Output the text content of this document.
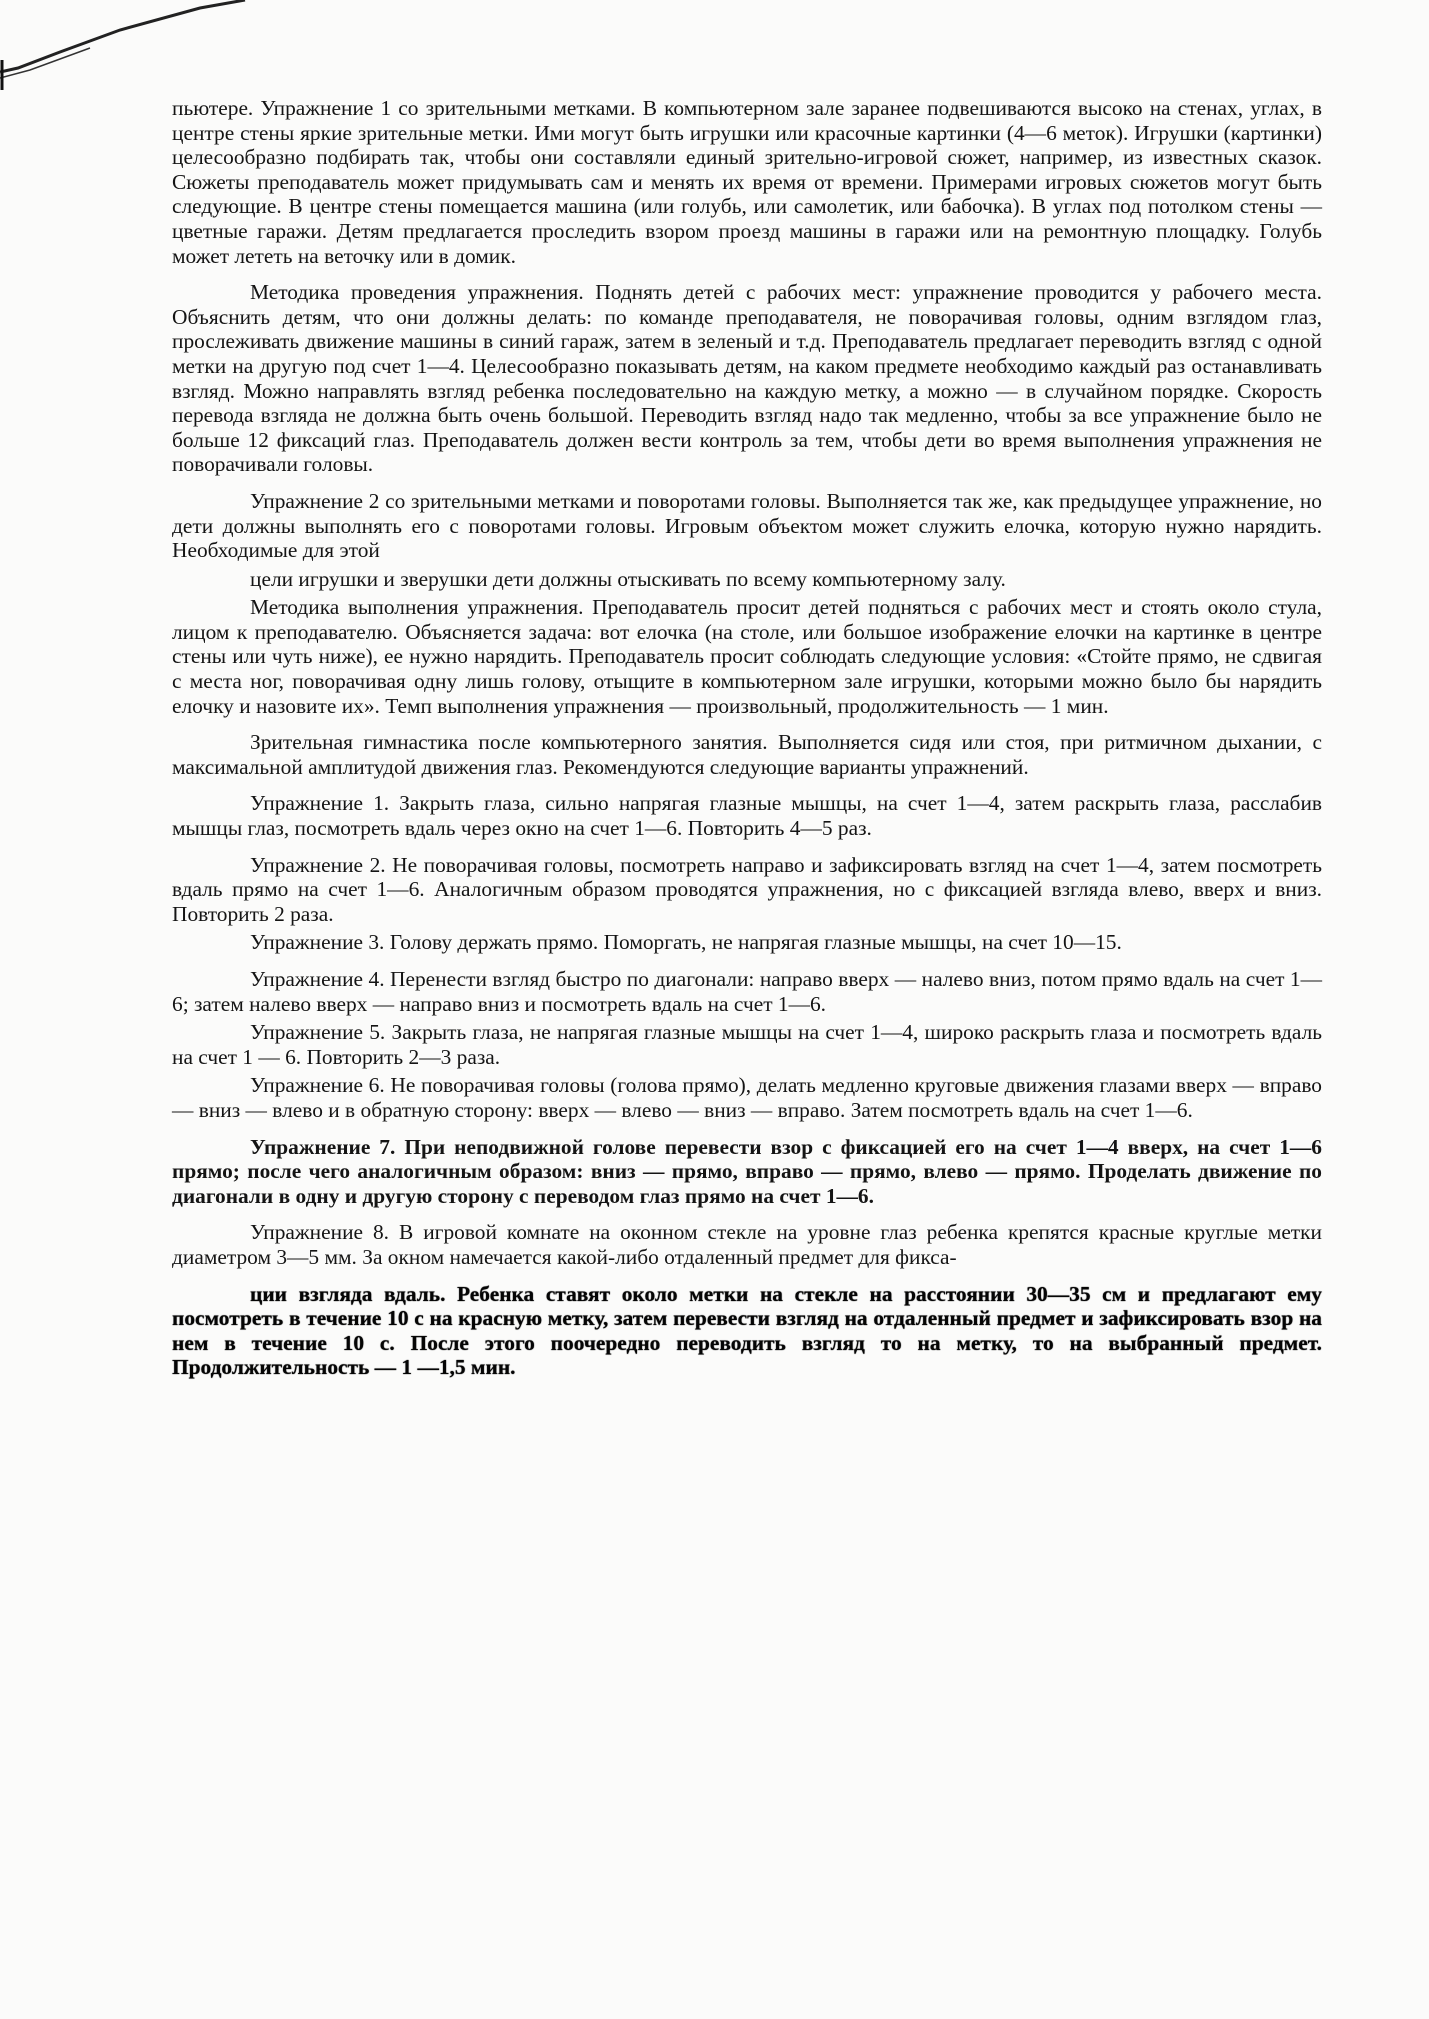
пьютере. Упражнение 1 со зрительными метками. В компьютерном зале заранее подвешиваются высоко на стенах, углах, в центре стены яркие зрительные метки. Ими могут быть игрушки или красочные картинки (4—6 меток). Игрушки (картинки) целесообразно подбирать так, чтобы они составляли единый зрительно-игровой сюжет, например, из известных сказок. Сюжеты преподаватель может придумывать сам и менять их время от времени. Примерами игровых сюжетов могут быть следующие. В центре стены помещается машина (или голубь, или самолетик, или бабочка). В углах под потолком стены — цветные гаражи. Детям предлагается проследить взором проезд машины в гаражи или на ремонтную площадку. Голубь может лететь на веточку или в домик.

Методика проведения упражнения. Поднять детей с рабочих мест: упражнение проводится у рабочего места. Объяснить детям, что они должны делать: по команде преподавателя, не поворачивая головы, одним взглядом глаз, прослеживать движение машины в синий гараж, затем в зеленый и т.д. Преподаватель предлагает переводить взгляд с одной метки на другую под счет 1—4. Целесообразно показывать детям, на каком предмете необходимо каждый раз останавливать взгляд. Можно направлять взгляд ребенка последовательно на каждую метку, а можно — в случайном порядке. Скорость перевода взгляда не должна быть очень большой. Переводить взгляд надо так медленно, чтобы за все упражнение было не больше 12 фиксаций глаз. Преподаватель должен вести контроль за тем, чтобы дети во время выполнения упражнения не поворачивали головы.

Упражнение 2 со зрительными метками и поворотами головы. Выполняется так же, как предыдущее упражнение, но дети должны выполнять его с поворотами головы. Игровым объектом может служить елочка, которую нужно нарядить. Необходимые для этой

цели игрушки и зверушки дети должны отыскивать по всему компьютерному залу.

Методика выполнения упражнения. Преподаватель просит детей подняться с рабочих мест и стоять около стула, лицом к преподавателю. Объясняется задача: вот елочка (на столе, или большое изображение елочки на картинке в центре стены или чуть ниже), ее нужно нарядить. Преподаватель просит соблюдать следующие условия: «Стойте прямо, не сдвигая с места ног, поворачивая одну лишь голову, отыщите в компьютерном зале игрушки, которыми можно было бы нарядить елочку и назовите их». Темп выполнения упражнения — произвольный, продолжительность — 1 мин.

Зрительная гимнастика после компьютерного занятия. Выполняется сидя или стоя, при ритмичном дыхании, с максимальной амплитудой движения глаз. Рекомендуются следующие варианты упражнений.

Упражнение 1. Закрыть глаза, сильно напрягая глазные мышцы, на счет 1—4, затем раскрыть глаза, расслабив мышцы глаз, посмотреть вдаль через окно на счет 1—6. Повторить 4—5 раз.

Упражнение 2. Не поворачивая головы, посмотреть направо и зафиксировать взгляд на счет 1—4, затем посмотреть вдаль прямо на счет 1—6. Аналогичным образом проводятся упражнения, но с фиксацией взгляда влево, вверх и вниз. Повторить 2 раза.

Упражнение 3. Голову держать прямо. Поморгать, не напрягая глазные мышцы, на счет 10—15.

Упражнение 4. Перенести взгляд быстро по диагонали: направо вверх — налево вниз, потом прямо вдаль на счет 1—6; затем налево вверх — направо вниз и посмотреть вдаль на счет 1—6.

Упражнение 5. Закрыть глаза, не напрягая глазные мышцы на счет 1—4, широко раскрыть глаза и посмотреть вдаль на счет 1 — 6. Повторить 2—3 раза.

Упражнение 6. Не поворачивая головы (голова прямо), делать медленно круговые движения глазами вверх — вправо — вниз — влево и в обратную сторону: вверх — влево — вниз — вправо. Затем посмотреть вдаль на счет 1—6.

Упражнение 7. При неподвижной голове перевести взор с фиксацией его на счет 1—4 вверх, на счет 1—6 прямо; после чего аналогичным образом: вниз — прямо, вправо — прямо, влево — прямо. Проделать движение по диагонали в одну и другую сторону с переводом глаз прямо на счет 1—6.

Упражнение 8. В игровой комнате на оконном стекле на уровне глаз ребенка крепятся красные круглые метки диаметром 3—5 мм. За окном намечается какой-либо отдаленный предмет для фикса-

ции взгляда вдаль. Ребенка ставят около метки на стекле на расстоянии 30—35 см и предлагают ему посмотреть в течение 10 с на красную метку, затем перевести взгляд на отдаленный предмет и зафиксировать взор на нем в течение 10 с. После этого поочередно переводить взгляд то на метку, то на выбранный предмет. Продолжительность — 1 —1,5 мин.
